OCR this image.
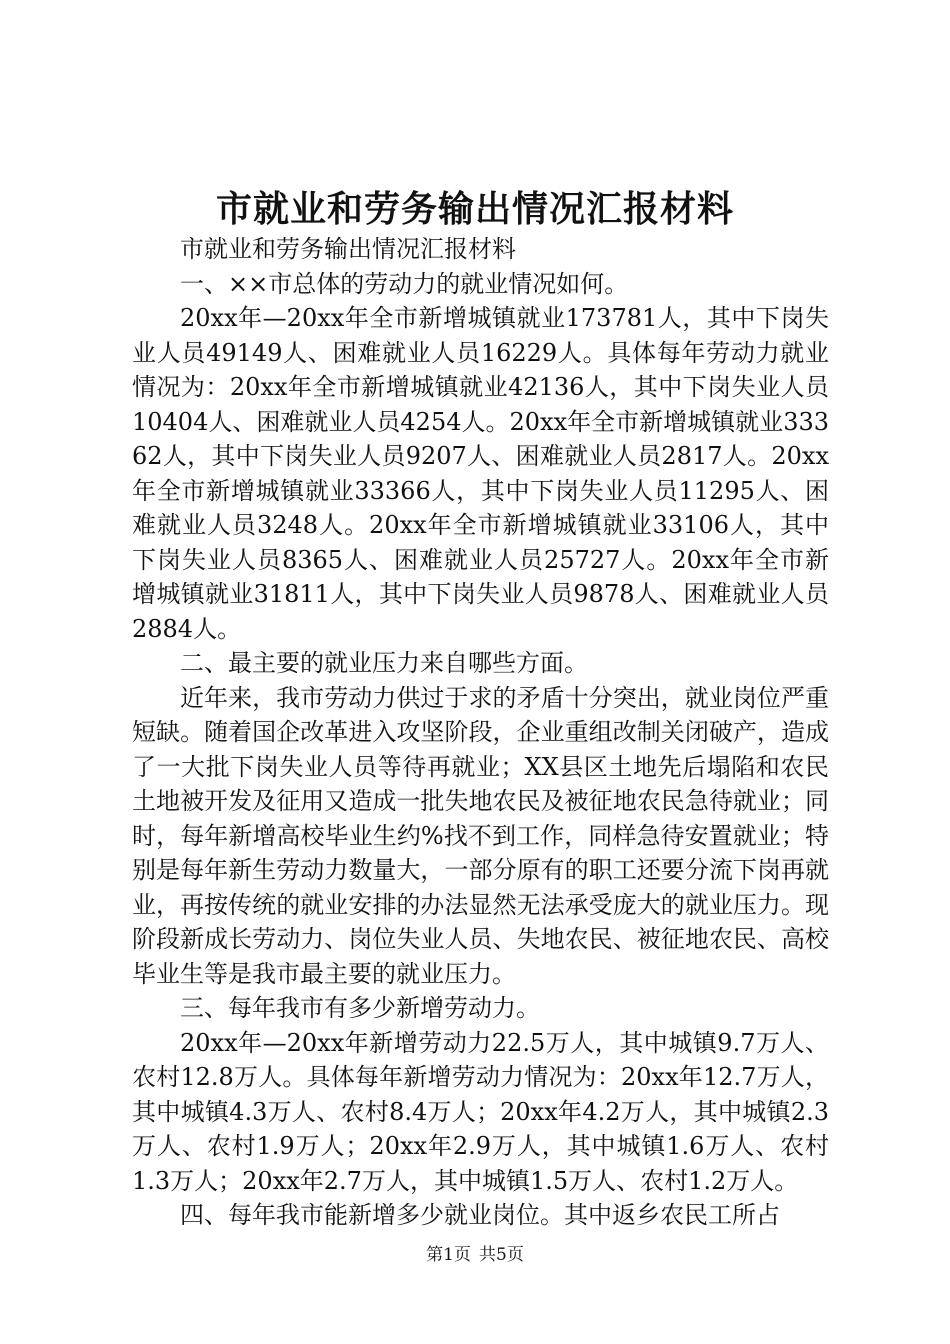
市就业和劳务输出情况汇报材料

市就业和劳务输出情况汇报材料

一、××市总体的劳动力的就业情况如何。

20xx年—20xx年全市新增城镇就业173781人，其中下岗失业人员49149人、困难就业人员16229人。具体每年劳动力就业情况为：20xx年全市新增城镇就业42136人，其中下岗失业人员10404人、困难就业人员4254人。20xx年全市新增城镇就业33362人，其中下岗失业人员9207人、困难就业人员2817人。20xx年全市新增城镇就业33366人，其中下岗失业人员11295人、困难就业人员3248人。20xx年全市新增城镇就业33106人，其中下岗失业人员8365人、困难就业人员25727人。20xx年全市新增城镇就业31811人，其中下岗失业人员9878人、困难就业人员2884人。

二、最主要的就业压力来自哪些方面。

近年来，我市劳动力供过于求的矛盾十分突出，就业岗位严重短缺。随着国企改革进入攻坚阶段，企业重组改制关闭破产，造成了一大批下岗失业人员等待再就业；XX县区土地先后塌陷和农民土地被开发及征用又造成一批失地农民及被征地农民急待就业；同时，每年新增高校毕业生约%找不到工作，同样急待安置就业；特别是每年新生劳动力数量大，一部分原有的职工还要分流下岗再就业，再按传统的就业安排的办法显然无法承受庞大的就业压力。现阶段新成长劳动力、岗位失业人员、失地农民、被征地农民、高校毕业生等是我市最主要的就业压力。

三、每年我市有多少新增劳动力。

20xx年—20xx年新增劳动力22.5万人，其中城镇9.7万人、农村12.8万人。具体每年新增劳动力情况为：20xx年12.7万人，其中城镇4.3万人、农村8.4万人；20xx年4.2万人，其中城镇2.3万人、农村1.9万人；20xx年2.9万人，其中城镇1.6万人、农村1.3万人；20xx年2.7万人，其中城镇1.5万人、农村1.2万人。

四、每年我市能新增多少就业岗位。其中返乡农民工所占

第1页 共5页
